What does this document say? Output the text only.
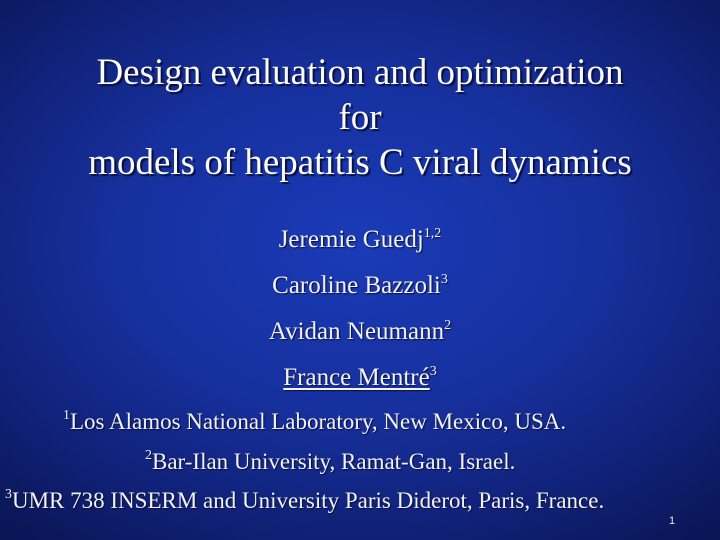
Design evaluation and optimization
for
models of hepatitis C viral dynamics
Jeremie Guedj$^{1,2}$
Caroline Bazzoli$^3$
Avidan Neumann$^2$
France Mentré$^3$
$^1$Los Alamos National Laboratory, New Mexico, USA.
$^2$Bar-Ilan University, Ramat-Gan, Israel.
$^3$UMR 738 INSERM and University Paris Diderot, Paris, France.
1
